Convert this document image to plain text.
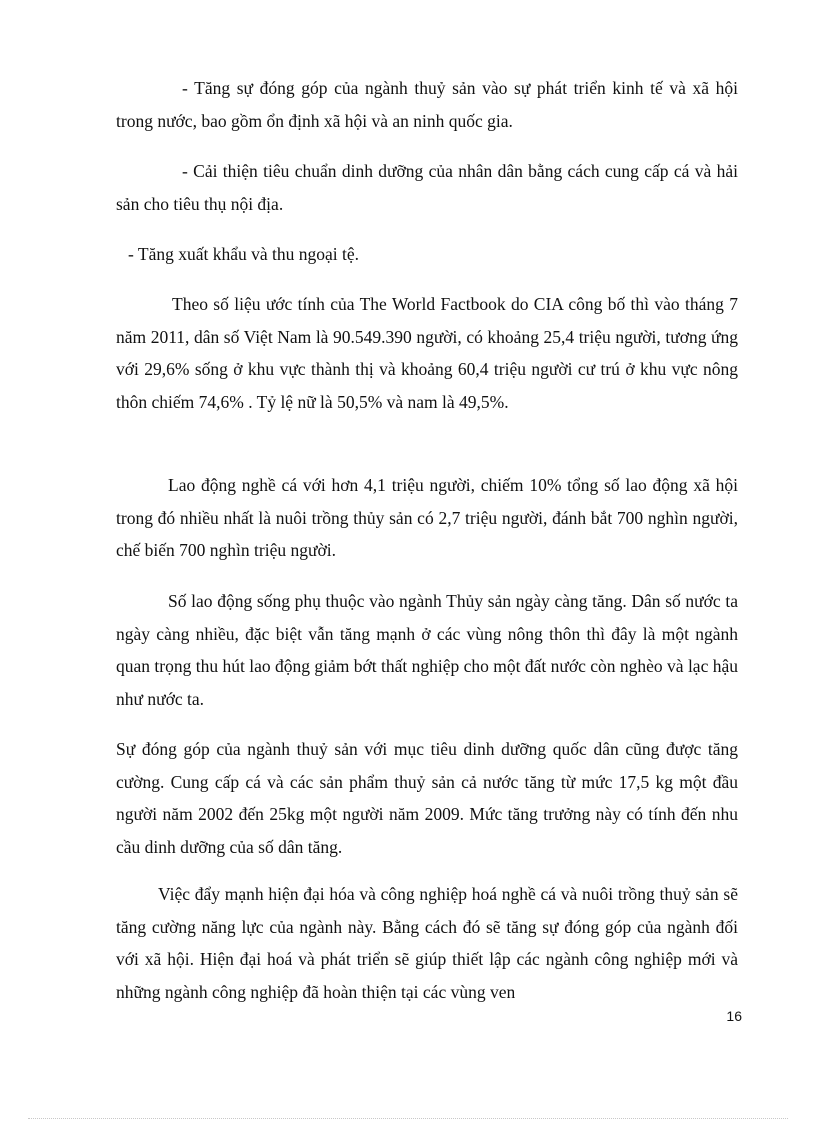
- Tăng sự đóng góp của ngành thuỷ sản vào sự phát triển kinh tế và xã hội trong nước, bao gồm ổn định xã hội và an ninh quốc gia.

- Cải thiện tiêu chuẩn dinh dưỡng của nhân dân bằng cách cung cấp cá và hải sản cho tiêu thụ nội địa.

- Tăng xuất khẩu và thu ngoại tệ.

Theo số liệu ước tính của The World Factbook do CIA công bố thì vào tháng 7 năm 2011, dân số Việt Nam là 90.549.390 người, có khoảng 25,4 triệu người, tương ứng với 29,6% sống ở khu vực thành thị và khoảng 60,4 triệu người cư trú ở khu vực nông thôn chiếm 74,6% . Tỷ lệ nữ là 50,5% và nam là 49,5%.

Lao động nghề cá với hơn 4,1 triệu người, chiếm 10% tổng số lao động xã hội trong đó nhiều nhất là nuôi trồng thủy sản có 2,7 triệu người, đánh bắt 700 nghìn người, chế biến 700 nghìn triệu người.

Số lao động sống phụ thuộc vào ngành Thủy sản ngày càng tăng. Dân số nước ta ngày càng nhiều, đặc biệt vẫn tăng mạnh ở các vùng nông thôn thì đây là một ngành quan trọng thu hút lao động giảm bớt thất nghiệp cho một đất nước còn nghèo và lạc hậu như nước ta.

Sự đóng góp của ngành thuỷ sản với mục tiêu dinh dưỡng quốc dân cũng được tăng cường. Cung cấp cá và các sản phẩm thuỷ sản cả nước tăng từ mức 17,5 kg một đầu người năm 2002 đến 25kg một người năm 2009. Mức tăng trưởng này có tính đến nhu cầu dinh dưỡng của số dân tăng.

Việc đẩy mạnh hiện đại hóa và công nghiệp hoá nghề cá và nuôi trồng thuỷ sản sẽ tăng cường năng lực của ngành này. Bằng cách đó sẽ tăng sự đóng góp của ngành đối với xã hội. Hiện đại hoá và phát triển sẽ giúp thiết lập các ngành công nghiệp mới và những ngành công nghiệp đã hoàn thiện tại các vùng ven

16
